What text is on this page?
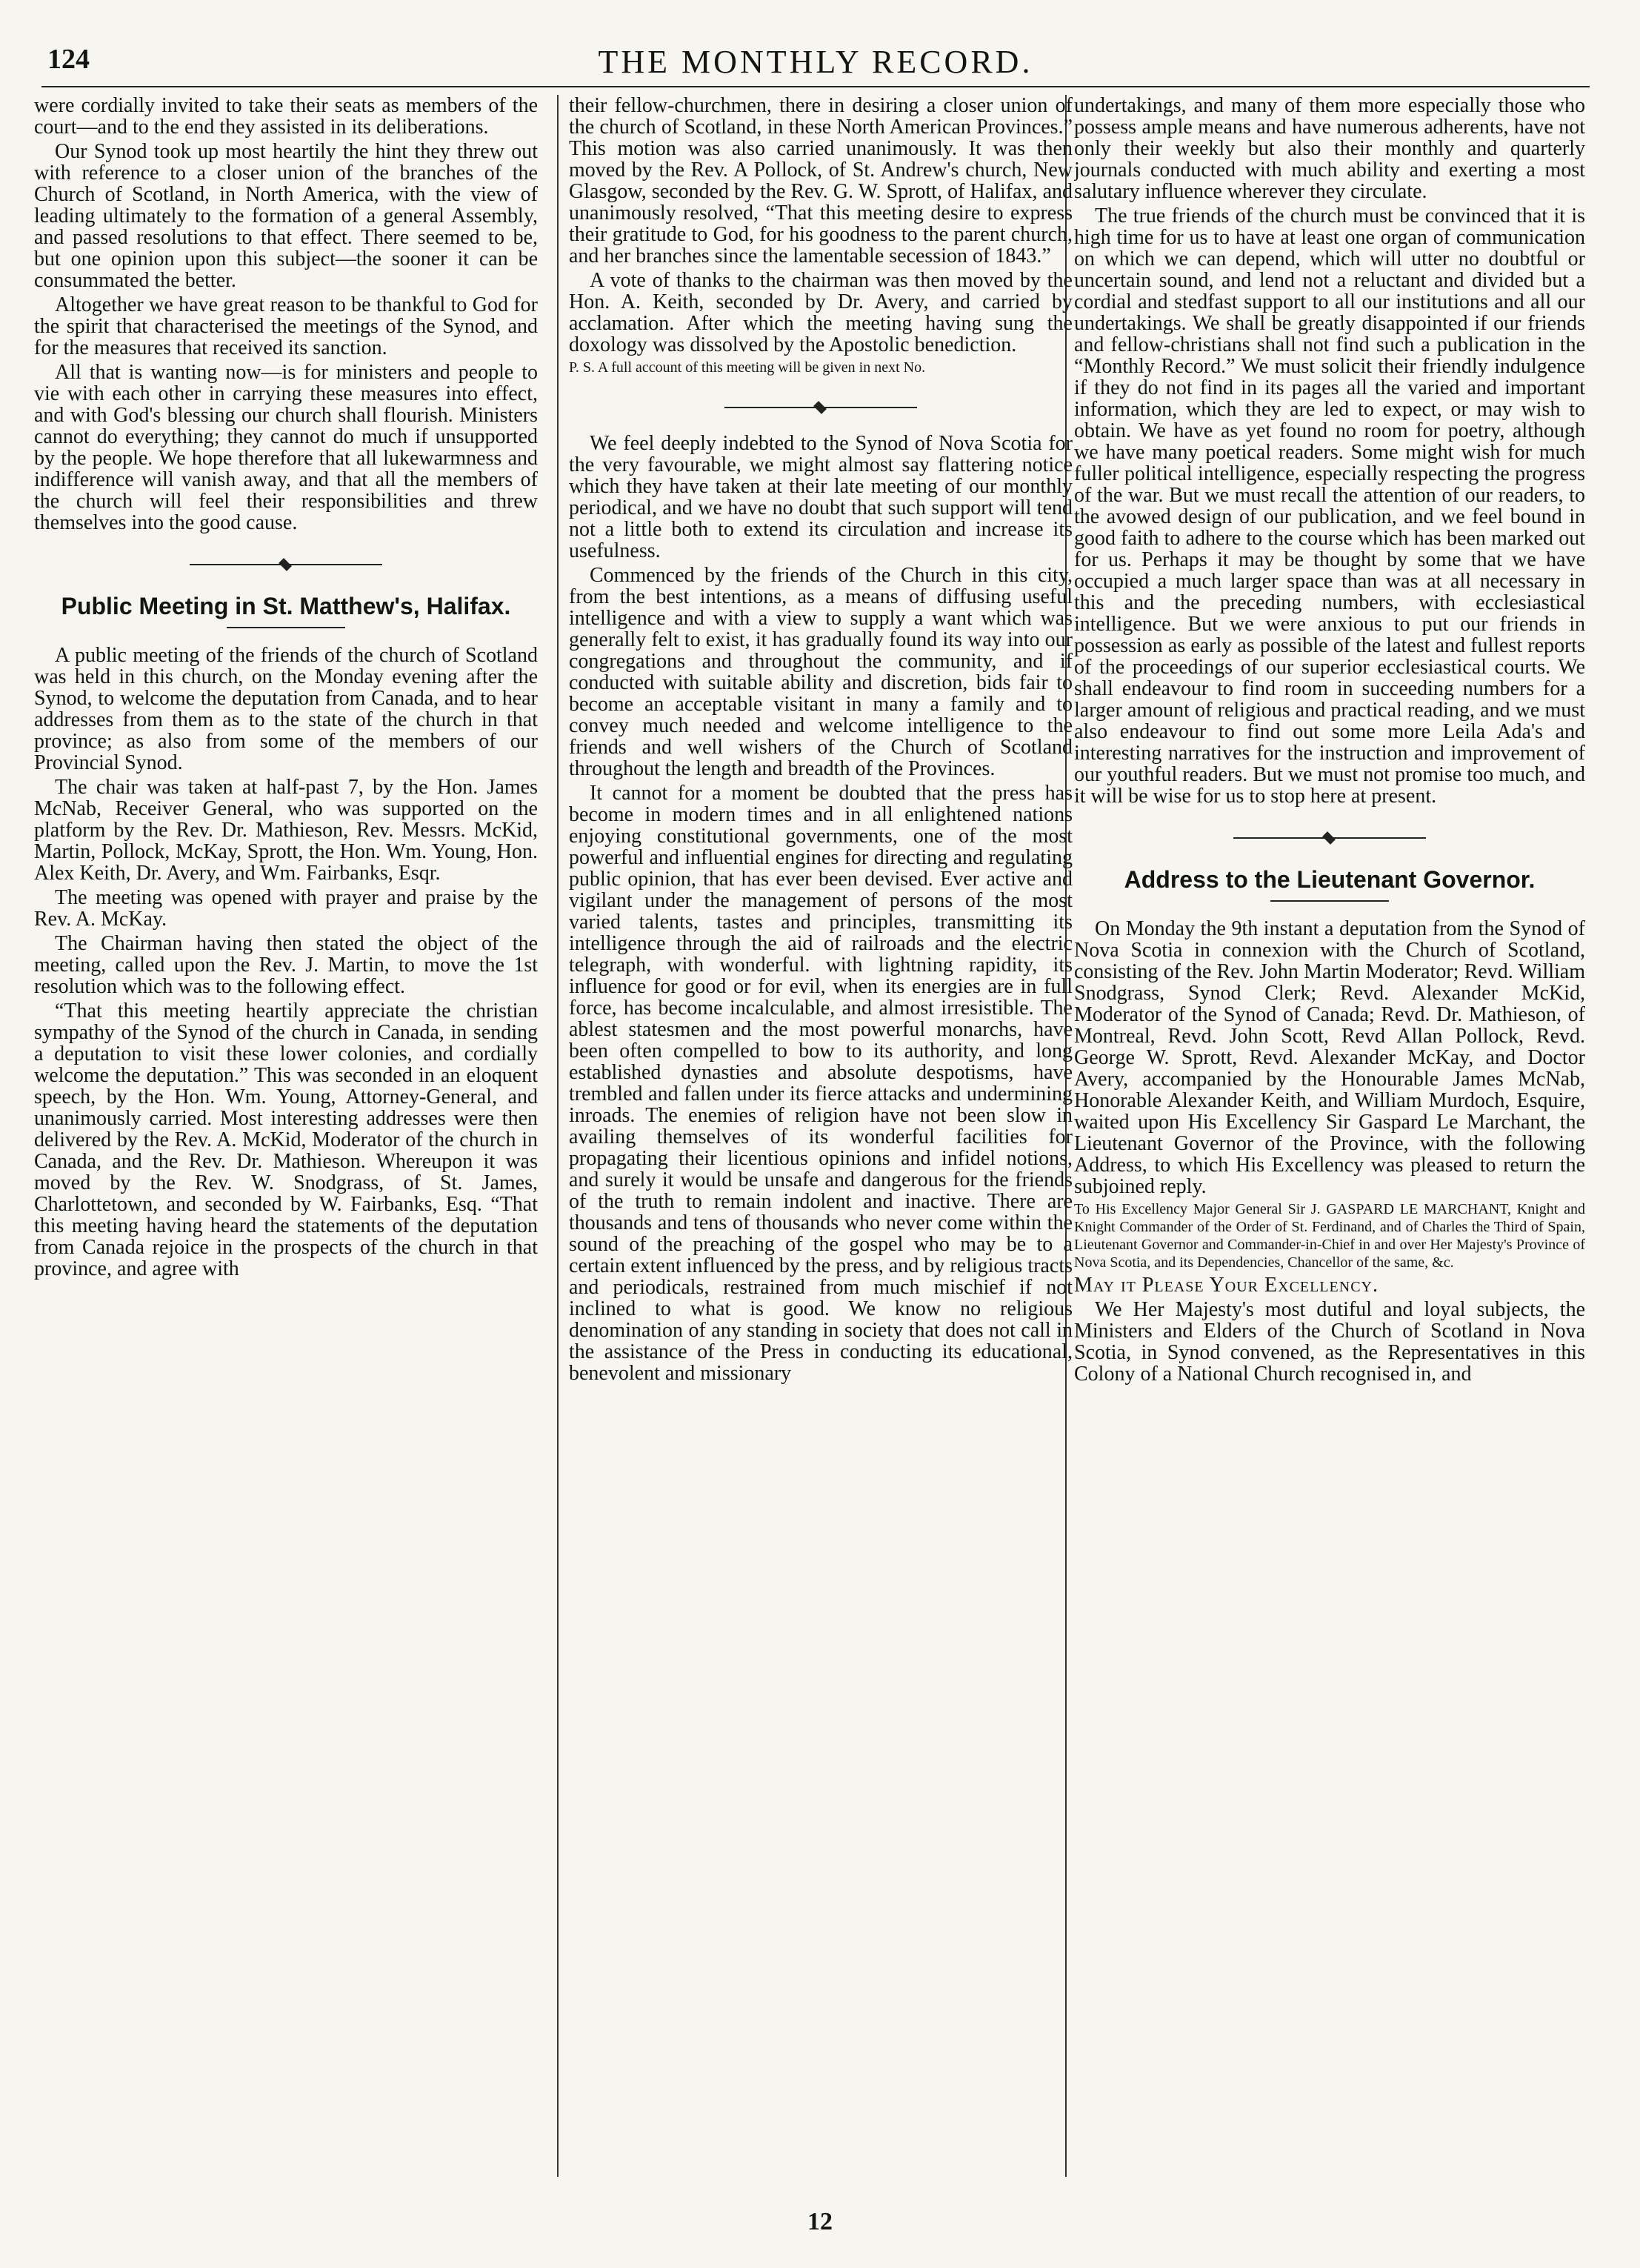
124	THE MONTHLY RECORD.

were cordially invited to take their seats as members of the court—and to the end they assisted in its deliberations.

Our Synod took up most heartily the hint they threw out with reference to a closer union of the branches of the Church of Scotland, in North America, with the view of leading ultimately to the formation of a general Assembly, and passed resolutions to that effect. There seemed to be, but one opinion upon this subject—the sooner it can be consummated the better.

Altogether we have great reason to be thankful to God for the spirit that characterised the meetings of the Synod, and for the measures that received its sanction.

All that is wanting now—is for ministers and people to vie with each other in carrying these measures into effect, and with God's blessing our church shall flourish. Ministers cannot do everything; they cannot do much if unsupported by the people. We hope therefore that all lukewarmness and indifference will vanish away, and that all the members of the church will feel their responsibilities and threw themselves into the good cause.

Public Meeting in St. Matthew's, Halifax.

A public meeting of the friends of the church of Scotland was held in this church, on the Monday evening after the Synod, to welcome the deputation from Canada, and to hear addresses from them as to the state of the church in that province; as also from some of the members of our Provincial Synod.

The chair was taken at half-past 7, by the Hon. James McNab, Receiver General, who was supported on the platform by the Rev. Dr. Mathieson, Rev. Messrs. McKid, Martin, Pollock, McKay, Sprott, the Hon. Wm. Young, Hon. Alex Keith, Dr. Avery, and Wm. Fairbanks, Esqr.

The meeting was opened with prayer and praise by the Rev. A. McKay.

The Chairman having then stated the object of the meeting, called upon the Rev. J. Martin, to move the 1st resolution which was to the following effect.

“That this meeting heartily appreciate the christian sympathy of the Synod of the church in Canada, in sending a deputation to visit these lower colonies, and cordially welcome the deputation.” This was seconded in an eloquent speech, by the Hon. Wm. Young, Attorney-General, and unanimously carried. Most interesting addresses were then delivered by the Rev. A. McKid, Moderator of the church in Canada, and the Rev. Dr. Mathieson. Whereupon it was moved by the Rev. W. Snodgrass, of St. James, Charlottetown, and seconded by W. Fairbanks, Esq. “That this meeting having heard the statements of the deputation from Canada rejoice in the prospects of the church in that province, and agree with

their fellow-churchmen, there in desiring a closer union of the church of Scotland, in these North American Provinces.” This motion was also carried unanimously. It was then moved by the Rev. A Pollock, of St. Andrew's church, New Glasgow, seconded by the Rev. G. W. Sprott, of Halifax, and unanimously resolved, “That this meeting desire to express their gratitude to God, for his goodness to the parent church, and her branches since the lamentable secession of 1843.”

A vote of thanks to the chairman was then moved by the Hon. A. Keith, seconded by Dr. Avery, and carried by acclamation. After which the meeting having sung the doxology was dissolved by the Apostolic benediction.

P. S. A full account of this meeting will be given in next No.

We feel deeply indebted to the Synod of Nova Scotia for the very favourable, we might almost say flattering notice which they have taken at their late meeting of our monthly periodical, and we have no doubt that such support will tend not a little both to extend its circulation and increase its usefulness.

Commenced by the friends of the Church in this city, from the best intentions, as a means of diffusing useful intelligence and with a view to supply a want which was generally felt to exist, it has gradually found its way into our congregations and throughout the community, and if conducted with suitable ability and discretion, bids fair to become an acceptable visitant in many a family and to convey much needed and welcome intelligence to the friends and well wishers of the Church of Scotland throughout the length and breadth of the Provinces.

It cannot for a moment be doubted that the press has become in modern times and in all enlightened nations enjoying constitutional governments, one of the most powerful and influential engines for directing and regulating public opinion, that has ever been devised. Ever active and vigilant under the management of persons of the most varied talents, tastes and principles, transmitting its intelligence through the aid of railroads and the electric telegraph, with wonderful. with lightning rapidity, its influence for good or for evil, when its energies are in full force, has become incalculable, and almost irresistible. The ablest statesmen and the most powerful monarchs, have been often compelled to bow to its authority, and long established dynasties and absolute despotisms, have trembled and fallen under its fierce attacks and undermining inroads. The enemies of religion have not been slow in availing themselves of its wonderful facilities for propagating their licentious opinions and infidel notions, and surely it would be unsafe and dangerous for the friends of the truth to remain indolent and inactive. There are thousands and tens of thousands who never come within the sound of the preaching of the gospel who may be to a certain extent influenced by the press, and by religious tracts and periodicals, restrained from much mischief if not inclined to what is good. We know no religious denomination of any standing in society that does not call in the assistance of the Press in conducting its educational, benevolent and missionary

undertakings, and many of them more especially those who possess ample means and have numerous adherents, have not only their weekly but also their monthly and quarterly journals conducted with much ability and exerting a most salutary influence wherever they circulate.

The true friends of the church must be convinced that it is high time for us to have at least one organ of communication on which we can depend, which will utter no doubtful or uncertain sound, and lend not a reluctant and divided but a cordial and stedfast support to all our institutions and all our undertakings. We shall be greatly disappointed if our friends and fellow-christians shall not find such a publication in the “Monthly Record.” We must solicit their friendly indulgence if they do not find in its pages all the varied and important information, which they are led to expect, or may wish to obtain. We have as yet found no room for poetry, although we have many poetical readers. Some might wish for much fuller political intelligence, especially respecting the progress of the war. But we must recall the attention of our readers, to the avowed design of our publication, and we feel bound in good faith to adhere to the course which has been marked out for us. Perhaps it may be thought by some that we have occupied a much larger space than was at all necessary in this and the preceding numbers, with ecclesiastical intelligence. But we were anxious to put our friends in possession as early as possible of the latest and fullest reports of the proceedings of our superior ecclesiastical courts. We shall endeavour to find room in succeeding numbers for a larger amount of religious and practical reading, and we must also endeavour to find out some more Leila Ada's and interesting narratives for the instruction and improvement of our youthful readers. But we must not promise too much, and it will be wise for us to stop here at present.

Address to the Lieutenant Governor.

On Monday the 9th instant a deputation from the Synod of Nova Scotia in connexion with the Church of Scotland, consisting of the Rev. John Martin Moderator; Revd. William Snodgrass, Synod Clerk; Revd. Alexander McKid, Moderator of the Synod of Canada; Revd. Dr. Mathieson, of Montreal, Revd. John Scott, Revd Allan Pollock, Revd. George W. Sprott, Revd. Alexander McKay, and Doctor Avery, accompanied by the Honourable James McNab, Honorable Alexander Keith, and William Murdoch, Esquire, waited upon His Excellency Sir Gaspard Le Marchant, the Lieutenant Governor of the Province, with the following Address, to which His Excellency was pleased to return the subjoined reply.

To His Excellency Major General Sir J. GASPARD LE MARCHANT, Knight and Knight Commander of the Order of St. Ferdinand, and of Charles the Third of Spain, Lieutenant Governor and Commander-in-Chief in and over Her Majesty's Province of Nova Scotia, and its Dependencies, Chancellor of the same, &c.

May it Please Your Excellency.

We Her Majesty's most dutiful and loyal subjects, the Ministers and Elders of the Church of Scotland in Nova Scotia, in Synod convened, as the Representatives in this Colony of a National Church recognised in, and

12
